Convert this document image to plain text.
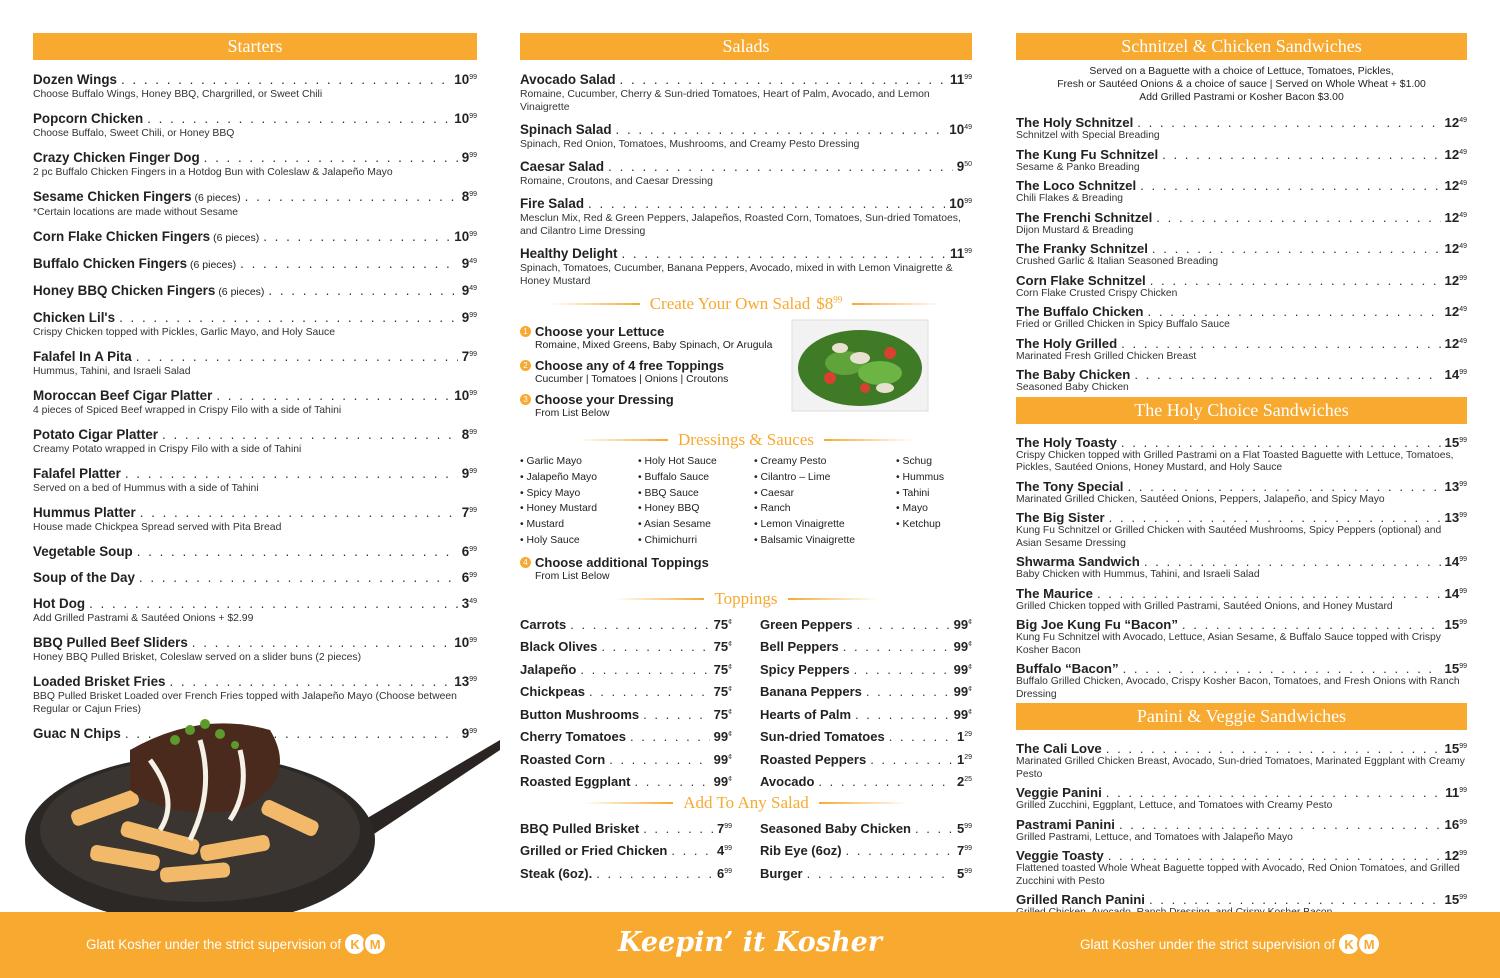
Starters
Dozen Wings . . .	$10^{99}$
Choose Buffalo Wings, Honey BBQ, Chargrilled, or Sweet Chili
Popcorn Chicken . . .	$10^{99}$
Choose Buffalo, Sweet Chili, or Honey BBQ
Crazy Chicken Finger Dog . . .	$9^{99}$
2 pc Buffalo Chicken Fingers in a Hotdog Bun with Coleslaw & Jalapeño Mayo
Sesame Chicken Fingers (6 pieces) . . .	$8^{99}$
*Certain locations are made without Sesame
Corn Flake Chicken Fingers (6 pieces) . . .	$10^{99}$
Buffalo Chicken Fingers (6 pieces) . . .	$9^{49}$
Honey BBQ Chicken Fingers (6 pieces) . . .	$9^{49}$
Chicken Lil's . . .	$9^{99}$
Crispy Chicken topped with Pickles, Garlic Mayo, and Holy Sauce
Falafel In A Pita . . .	$7^{99}$
Hummus, Tahini, and Israeli Salad
Moroccan Beef Cigar Platter . . .	$10^{99}$
4 pieces of Spiced Beef wrapped in Crispy Filo with a side of Tahini
Potato Cigar Platter . . .	$8^{99}$
Creamy Potato wrapped in Crispy Filo with a side of Tahini
Falafel Platter . . .	$9^{99}$
Served on a bed of Hummus with a side of Tahini
Hummus Platter . . .	$7^{99}$
House made Chickpea Spread served with Pita Bread
Vegetable Soup . . .	$6^{99}$
Soup of the Day . . .	$6^{99}$
Hot Dog . . .	$3^{49}$
Add Grilled Pastrami & Sautéed Onions + $2.99
BBQ Pulled Beef Sliders . . .	$10^{99}$
Honey BBQ Pulled Brisket, Coleslaw served on a slider buns (2 pieces)
Loaded Brisket Fries . . .	$13^{99}$
BBQ Pulled Brisket Loaded over French Fries topped with Jalapeño Mayo (Choose between Regular or Cajun Fries)
Guac N Chips . . .	$9^{99}$
Salads
Avocado Salad . . .	$11^{99}$
Romaine, Cucumber, Cherry & Sun-dried Tomatoes, Heart of Palm, Avocado, and Lemon Vinaigrette
Spinach Salad . . .	$10^{49}$
Spinach, Red Onion, Tomatoes, Mushrooms, and Creamy Pesto Dressing
Caesar Salad . . .	$9^{50}$
Romaine, Croutons, and Caesar Dressing
Fire Salad . . .	$10^{99}$
Mesclun Mix, Red & Green Peppers, Jalapeños, Roasted Corn, Tomatoes, Sun-dried Tomatoes, and Cilantro Lime Dressing
Healthy Delight . . .	$11^{99}$
Spinach, Tomatoes, Cucumber, Banana Peppers, Avocado, mixed in with Lemon Vinaigrette & Honey Mustard
Create Your Own Salad $\$8^{99}$
1 Choose your Lettuce
Romaine, Mixed Greens, Baby Spinach, Or Arugula
2 Choose any of 4 free Toppings
Cucumber | Tomatoes | Onions | Croutons
3 Choose your Dressing
From List Below
Dressings & Sauces
• Garlic Mayo
• Jalapeño Mayo
• Spicy Mayo
• Honey Mustard
• Mustard
• Holy Sauce
• Holy Hot Sauce
• Buffalo Sauce
• BBQ Sauce
• Honey BBQ
• Asian Sesame
• Chimichurri
• Creamy Pesto
• Cilantro – Lime
• Caesar
• Ranch
• Lemon Vinaigrette
• Balsamic Vinaigrette
• Schug
• Hummus
• Tahini
• Mayo
• Ketchup
4 Choose additional Toppings
From List Below
Toppings
Carrots . . .	75¢
Black Olives . . .	75¢
Jalapeño . . .	75¢
Chickpeas . . .	75¢
Button Mushrooms . . .	75¢
Cherry Tomatoes . . .	99¢
Roasted Corn . . .	99¢
Roasted Eggplant . . .	99¢
Green Peppers . . .	99¢
Bell Peppers . . .	99¢
Spicy Peppers . . .	99¢
Banana Peppers . . .	99¢
Hearts of Palm . . .	99¢
Sun-dried Tomatoes . . .	$1^{29}$
Roasted Peppers . . .	$1^{29}$
Avocado . . .	$2^{25}$
Add To Any Salad
BBQ Pulled Brisket . . .	$7^{99}$
Grilled or Fried Chicken . . .	$4^{99}$
Steak (6oz). . . .	$6^{99}$
Seasoned Baby Chicken . . .	$5^{99}$
Rib Eye (6oz) . . .	$7^{99}$
Burger . . .	$5^{99}$
Schnitzel & Chicken Sandwiches
Served on a Baguette with a choice of Lettuce, Tomatoes, Pickles,
Fresh or Sautéed Onions & a choice of sauce | Served on Whole Wheat + $1.00
Add Grilled Pastrami or Kosher Bacon $3.00
The Holy Schnitzel . . .	$12^{49}$
Schnitzel with Special Breading
The Kung Fu Schnitzel . . .	$12^{49}$
Sesame & Panko Breading
The Loco Schnitzel . . .	$12^{49}$
Chili Flakes & Breading
The Frenchi Schnitzel . . .	$12^{49}$
Dijon Mustard & Breading
The Franky Schnitzel . . .	$12^{49}$
Crushed Garlic & Italian Seasoned Breading
Corn Flake Schnitzel . . .	$12^{99}$
Corn Flake Crusted Crispy Chicken
The Buffalo Chicken . . .	$12^{49}$
Fried or Grilled Chicken in Spicy Buffalo Sauce
The Holy Grilled . . .	$12^{49}$
Marinated Fresh Grilled Chicken Breast
The Baby Chicken . . .	$14^{99}$
Seasoned Baby Chicken
The Holy Choice Sandwiches
The Holy Toasty . . .	$15^{99}$
Crispy Chicken topped with Grilled Pastrami on a Flat Toasted Baguette with Lettuce, Tomatoes, Pickles, Sautéed Onions, Honey Mustard, and Holy Sauce
The Tony Special . . .	$13^{99}$
Marinated Grilled Chicken, Sautéed Onions, Peppers, Jalapeño, and Spicy Mayo
The Big Sister . . .	$13^{99}$
Kung Fu Schnitzel or Grilled Chicken with Sautéed Mushrooms, Spicy Peppers (optional) and Asian Sesame Dressing
Shwarma Sandwich . . .	$14^{99}$
Baby Chicken with Hummus, Tahini, and Israeli Salad
The Maurice . . .	$14^{99}$
Grilled Chicken topped with Grilled Pastrami, Sautéed Onions, and Honey Mustard
Big Joe Kung Fu “Bacon” . . .	$15^{99}$
Kung Fu Schnitzel with Avocado, Lettuce, Asian Sesame, & Buffalo Sauce topped with Crispy Kosher Bacon
Buffalo “Bacon” . . .	$15^{99}$
Buffalo Grilled Chicken, Avocado, Crispy Kosher Bacon, Tomatoes, and Fresh Onions with Ranch Dressing
Panini & Veggie Sandwiches
The Cali Love . . .	$15^{99}$
Marinated Grilled Chicken Breast, Avocado, Sun-dried Tomatoes, Marinated Eggplant with Creamy Pesto
Veggie Panini . . .	$11^{99}$
Grilled Zucchini, Eggplant, Lettuce, and Tomatoes with Creamy Pesto
Pastrami Panini . . .	$16^{99}$
Grilled Pastrami, Lettuce, and Tomatoes with Jalapeño Mayo
Veggie Toasty . . .	$12^{99}$
Flattened toasted Whole Wheat Baguette topped with Avocado, Red Onion Tomatoes, and Grilled Zucchini with Pesto
Grilled Ranch Panini . . .	$15^{99}$
. . .
Glatt Kosher under the strict supervision of K M	Keepin’ it Kosher	Glatt Kosher under the strict supervision of K M
